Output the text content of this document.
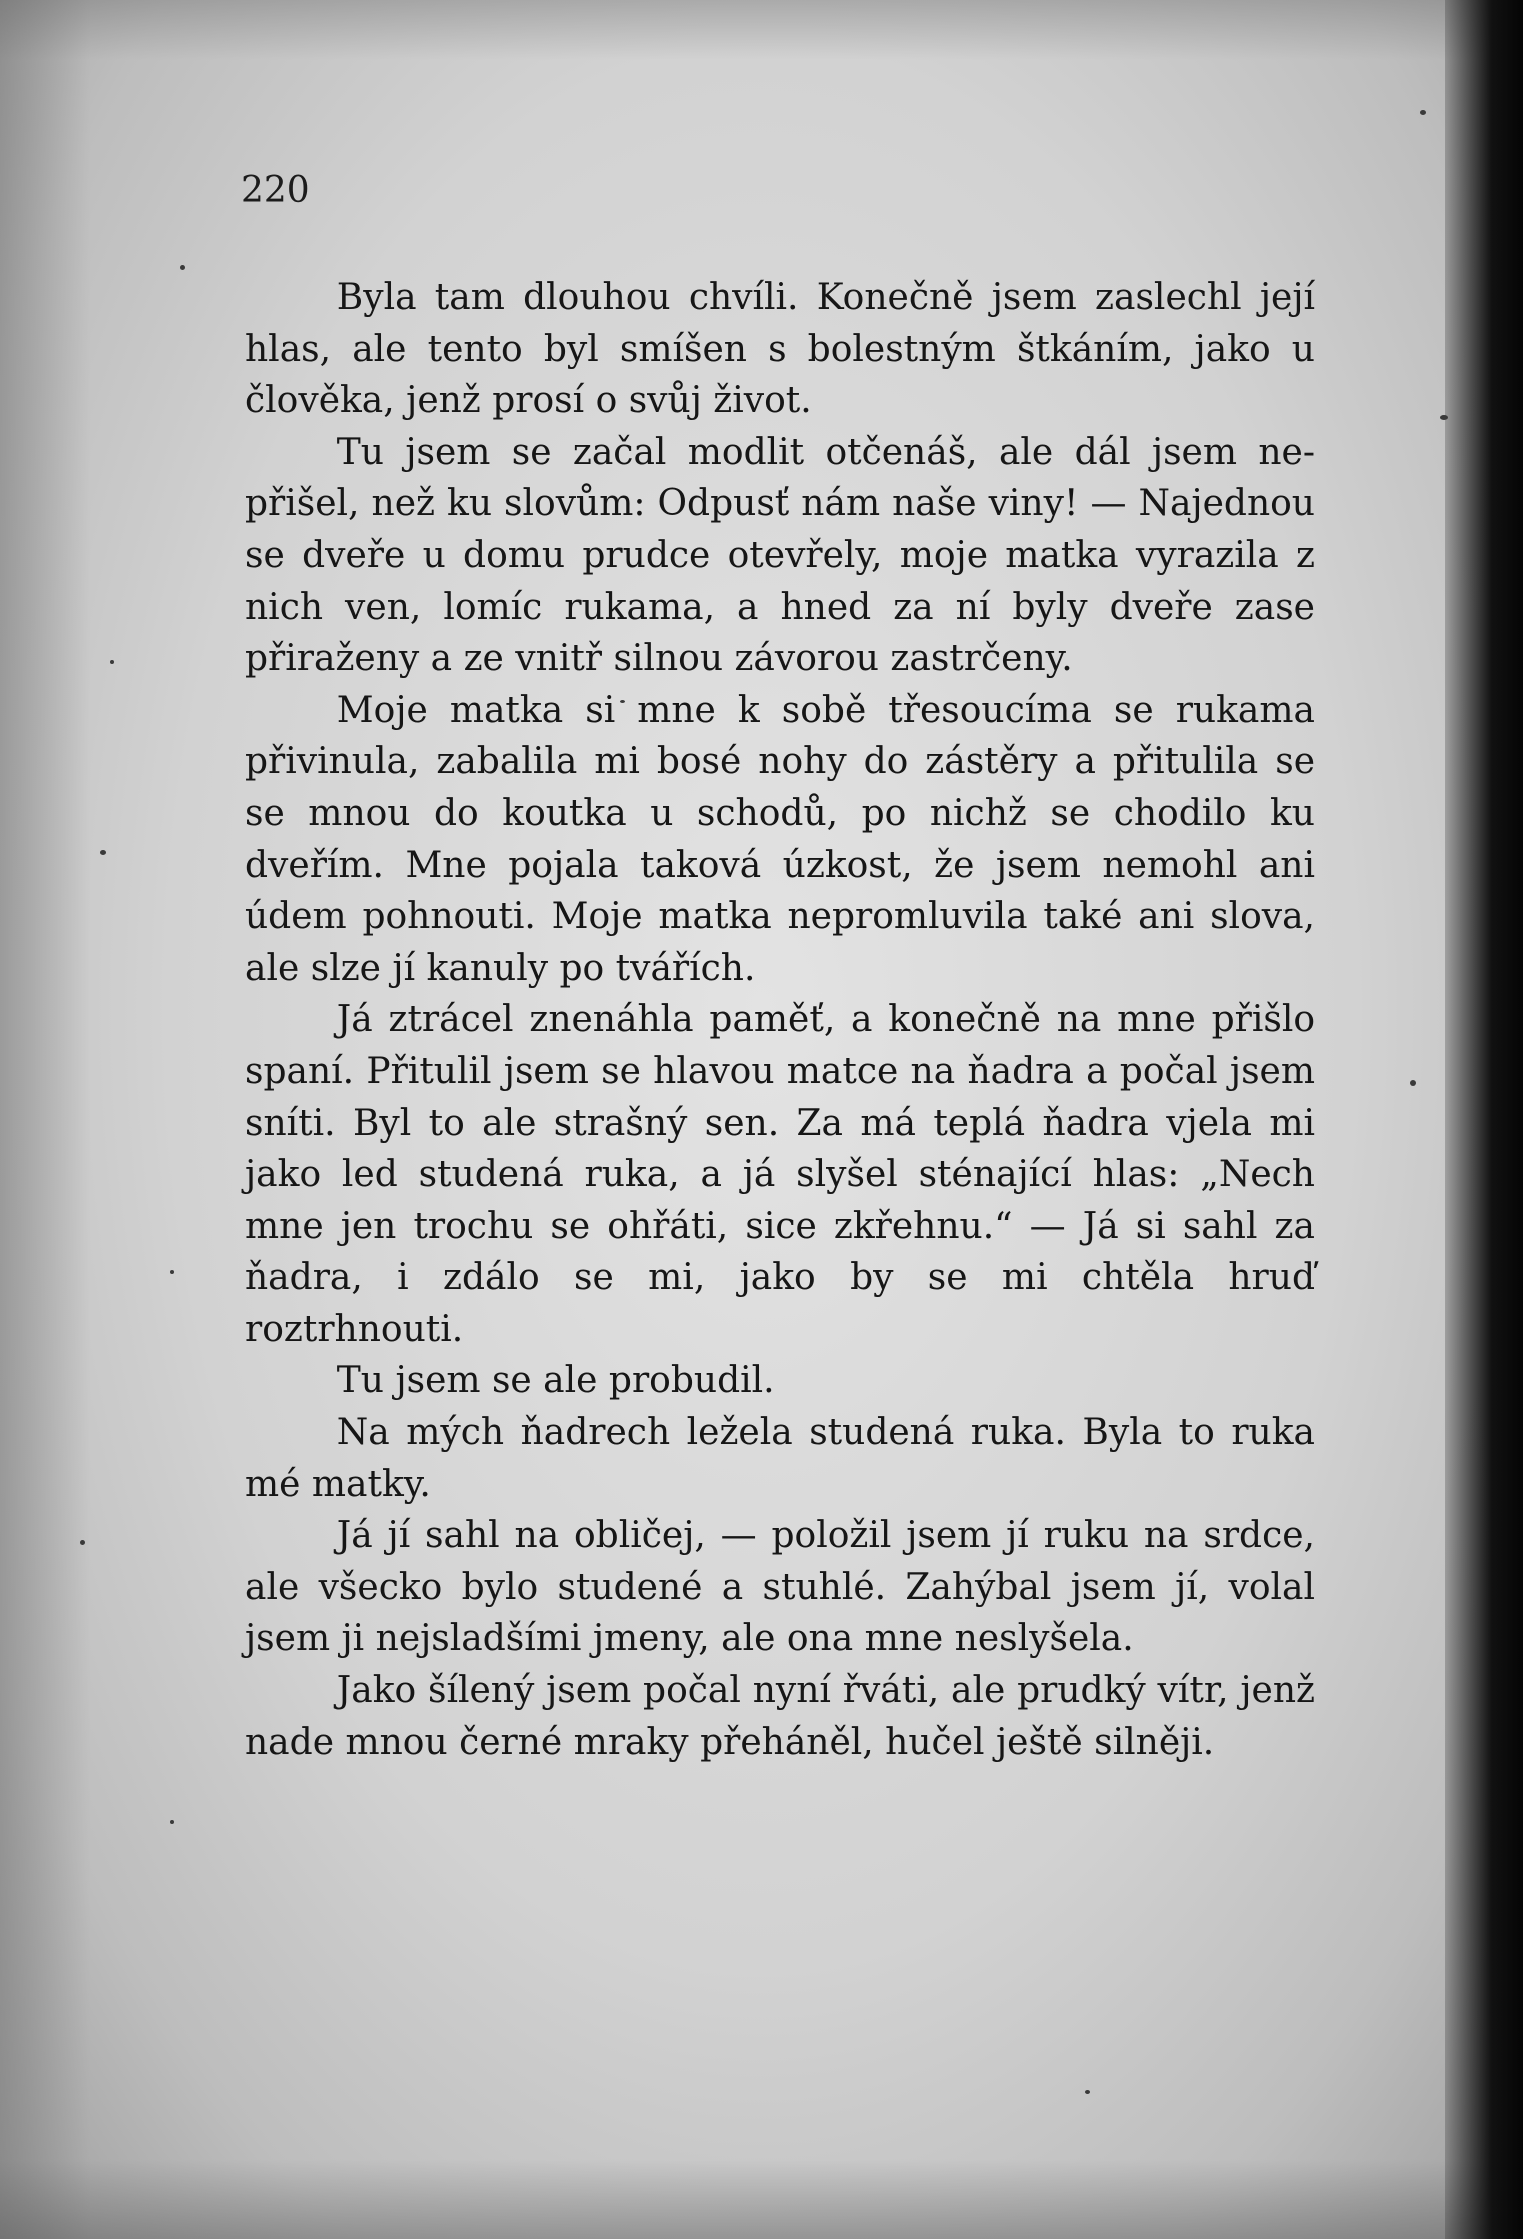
220

Byla tam dlouhou chvíli. Konečně jsem zaslechl její hlas, ale tento byl smíšen s bolestným štkáním, jako u člověka, jenž prosí o svůj život.

Tu jsem se začal modlit otčenáš, ale dál jsem nepřišel, než ku slovům: Odpusť nám naše viny! — Najednou se dveře u domu prudce otevřely, moje matka vyrazila z nich ven, lomíc rukama, a hned za ní byly dveře zase přiraženy a ze vnitř silnou závorou zastrčeny.

Moje matka si mne k sobě třesoucíma se rukama přivinula, zabalila mi bosé nohy do zástěry a přitulila se se mnou do koutka u schodů, po nichž se chodilo ku dveřím. Mne pojala taková úzkost, že jsem nemohl ani údem pohnouti. Moje matka nepromluvila také ani slova, ale slze jí kanuly po tvářích.

Já ztrácel znenáhla paměť, a konečně na mne přišlo spaní. Přitulil jsem se hlavou matce na ňadra a počal jsem sníti. Byl to ale strašný sen. Za má teplá ňadra vjela mi jako led studená ruka, a já slyšel sténající hlas: „Nech mne jen trochu se ohřáti, sice zkřehnu.“ — Já si sahl za ňadra, i zdálo se mi, jako by se mi chtěla hruď roztrhnouti.

Tu jsem se ale probudil.

Na mých ňadrech ležela studená ruka. Byla to ruka mé matky.

Já jí sahl na obličej, — položil jsem jí ruku na srdce, ale všecko bylo studené a stuhlé. Zahýbal jsem jí, volal jsem ji nejsladšími jmeny, ale ona mne neslyšela.

Jako šílený jsem počal nyní řváti, ale prudký vítr, jenž nade mnou černé mraky přeháněl, hučel ještě silněji.
